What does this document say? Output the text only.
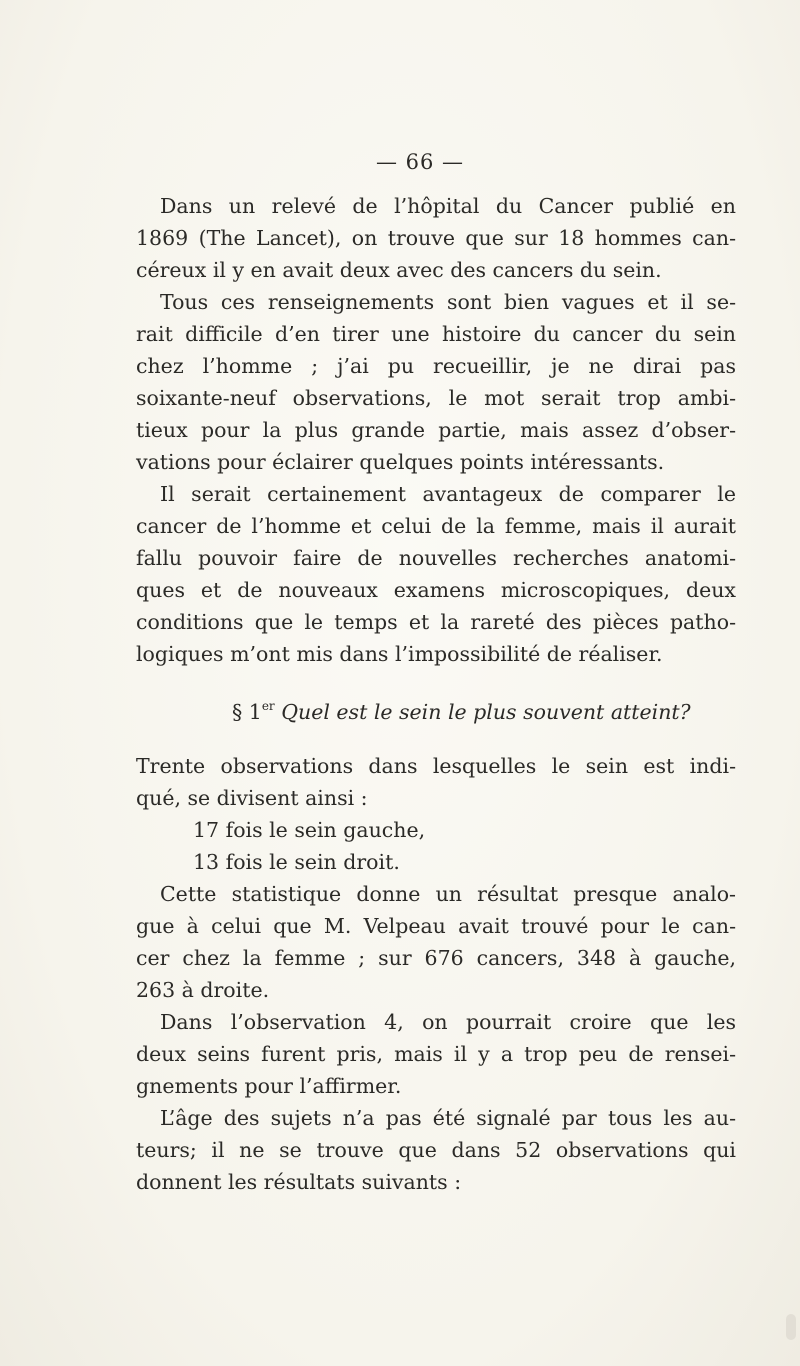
— 66 —
Dans un relevé de l’hôpital du Cancer publié en
1869 (The Lancet), on trouve que sur 18 hommes can-
céreux il y en avait deux avec des cancers du sein.
Tous ces renseignements sont bien vagues et il se-
rait difficile d’en tirer une histoire du cancer du sein
chez l’homme ; j’ai pu recueillir, je ne dirai pas
soixante-neuf observations, le mot serait trop ambi-
tieux pour la plus grande partie, mais assez d’obser-
vations pour éclairer quelques points intéressants.
Il serait certainement avantageux de comparer le
cancer de l’homme et celui de la femme, mais il aurait
fallu pouvoir faire de nouvelles recherches anatomi-
ques et de nouveaux examens microscopiques, deux
conditions que le temps et la rareté des pièces patho-
logiques m’ont mis dans l’impossibilité de réaliser.
§ 1er Quel est le sein le plus souvent atteint?
Trente observations dans lesquelles le sein est indi-
qué, se divisent ainsi :
17 fois le sein gauche,
13 fois le sein droit.
Cette statistique donne un résultat presque analo-
gue à celui que M. Velpeau avait trouvé pour le can-
cer chez la femme ; sur 676 cancers, 348 à gauche,
263 à droite.
Dans l’observation 4, on pourrait croire que les
deux seins furent pris, mais il y a trop peu de rensei-
gnements pour l’affirmer.
L’âge des sujets n’a pas été signalé par tous les au-
teurs; il ne se trouve que dans 52 observations qui
donnent les résultats suivants :
